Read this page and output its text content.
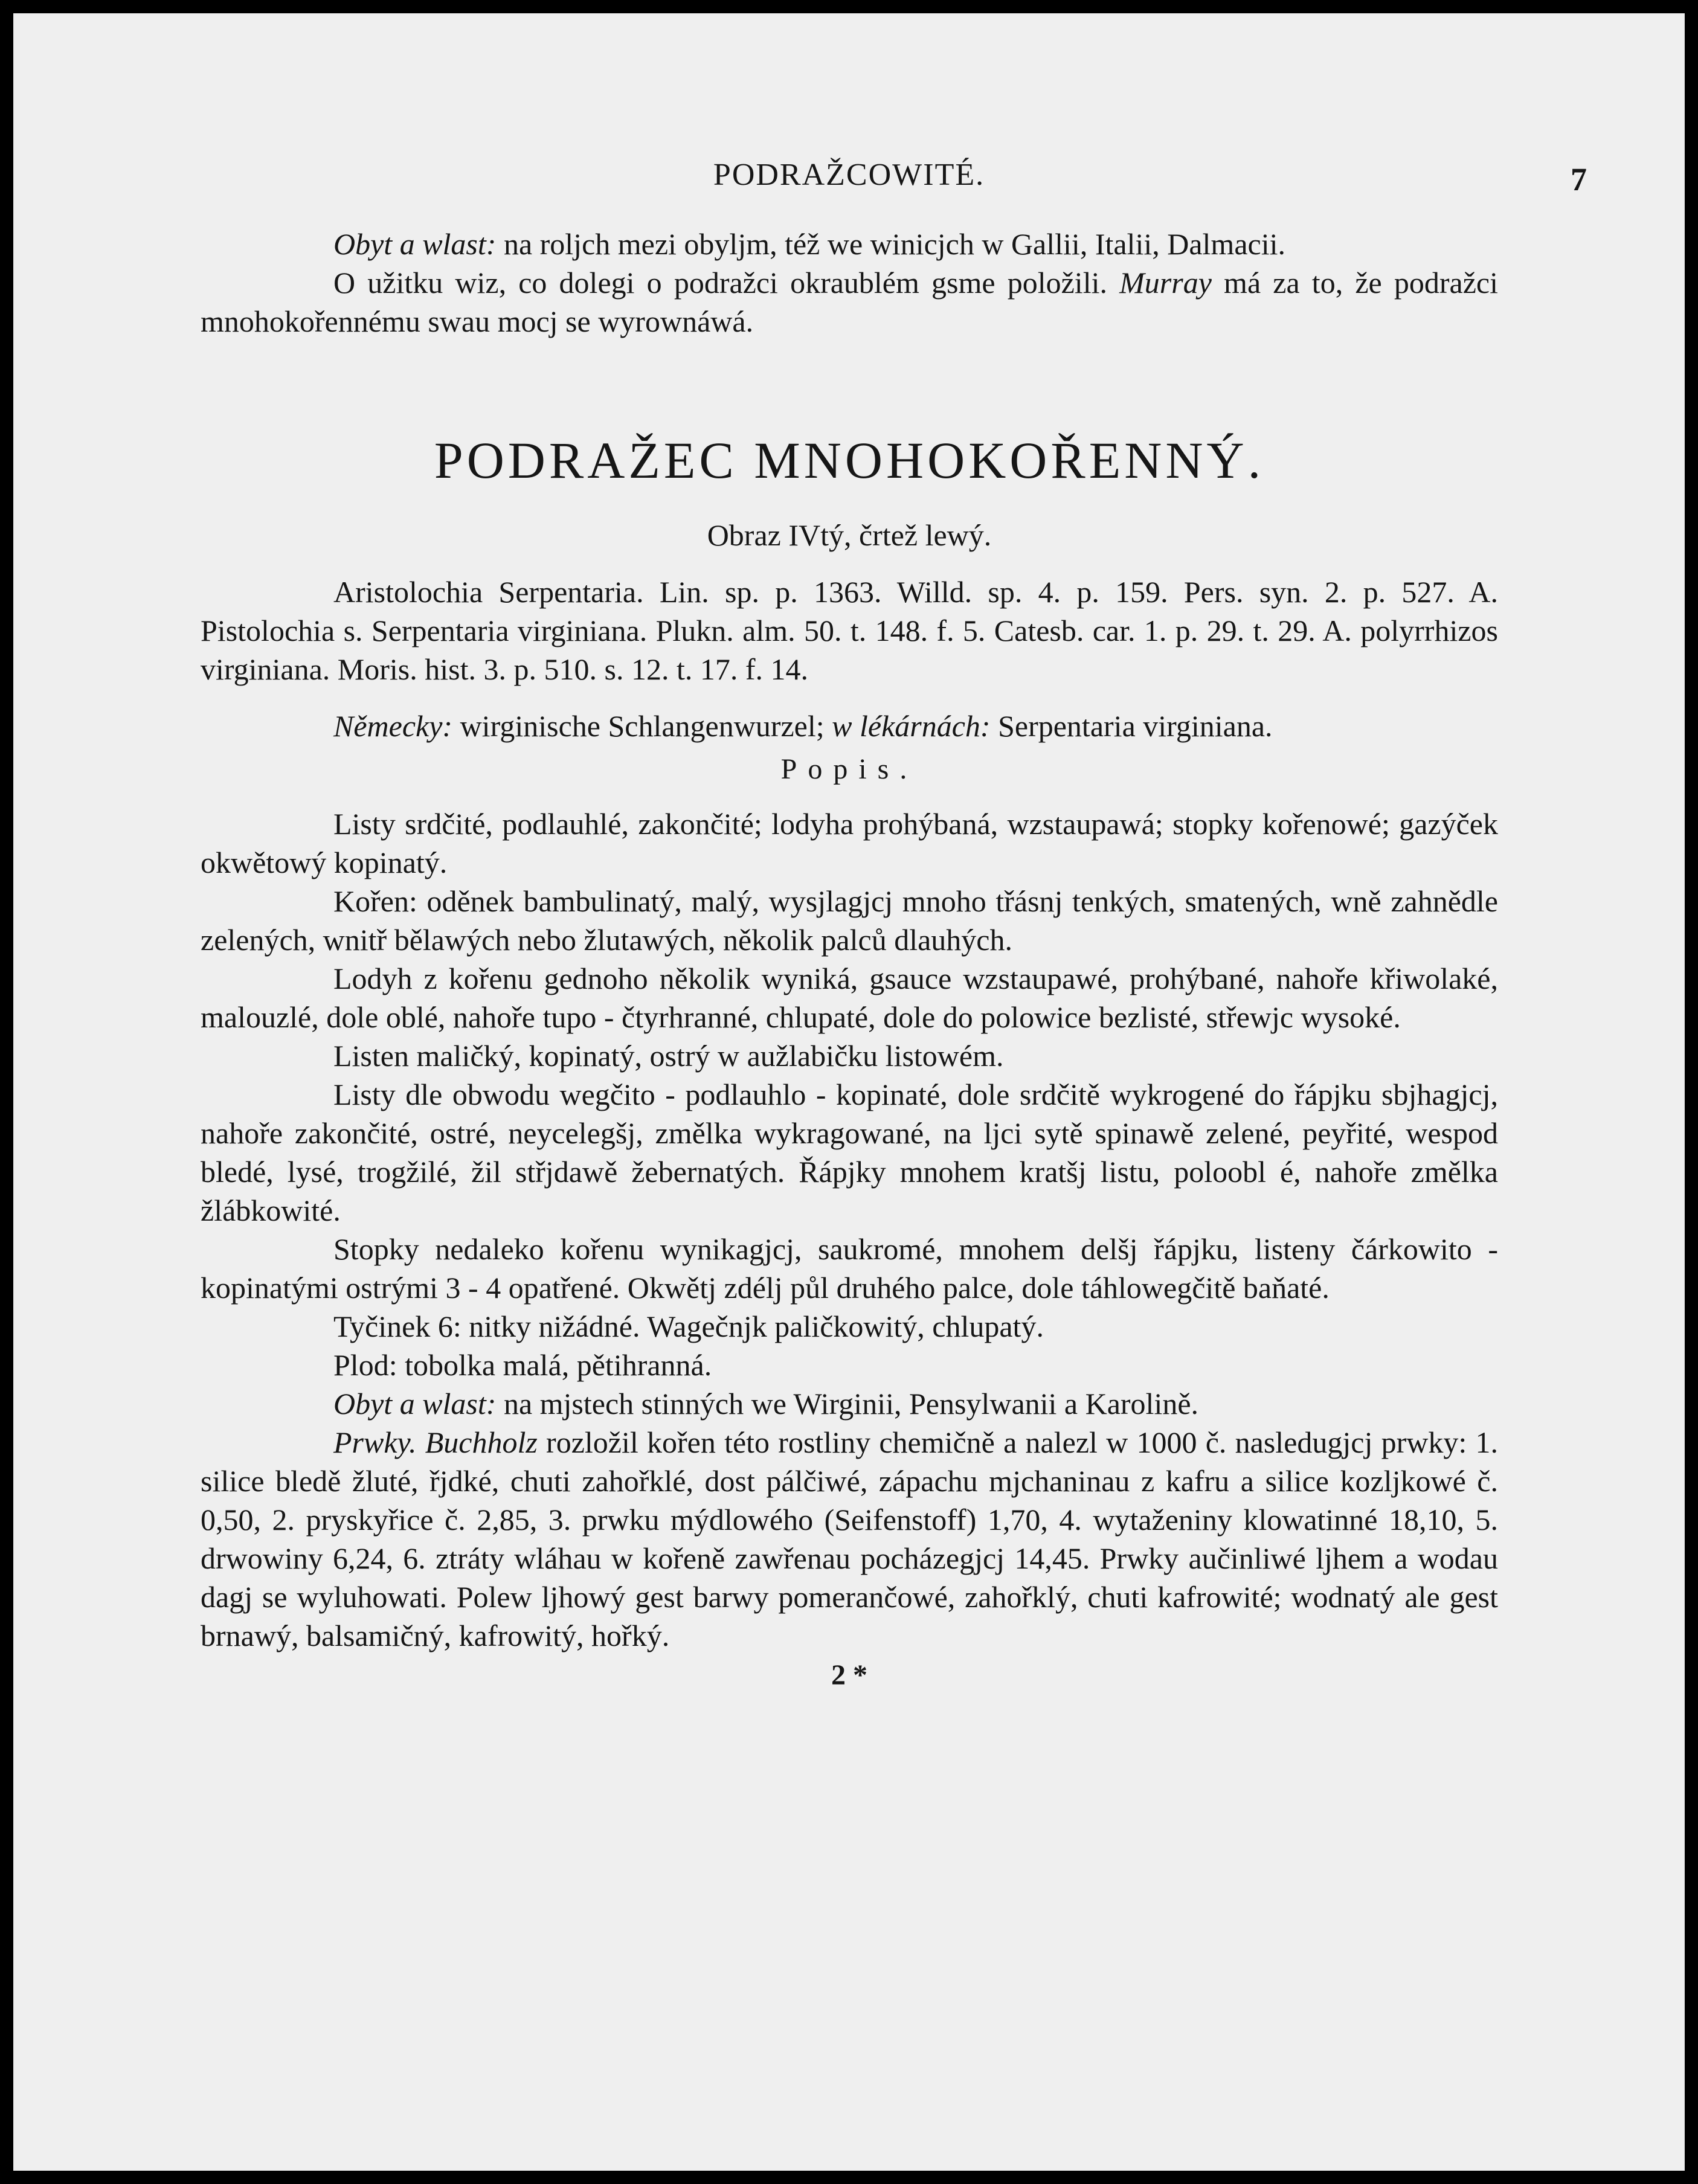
PODRAŽCOWITÉ.	7

Obyt a wlast: na roljch mezi obyljm, též we winicjch w Gallii, Italii, Dalmacii.

O užitku wiz, co dolegi o podražci okraublém gsme položili. Murray má za to, že podražci mnohokořennému swau mocj se wyrownáwá.

PODRAŽEC MNOHOKOŘENNÝ.

Obraz IVtý, črtež lewý.

Aristolochia Serpentaria. Lin. sp. p. 1363. Willd. sp. 4. p. 159. Pers. syn. 2. p. 527. A. Pistolochia s. Serpentaria virginiana. Plukn. alm. 50. t. 148. f. 5. Catesb. car. 1. p. 29. t. 29. A. polyrrhizos virginiana. Moris. hist. 3. p. 510. s. 12. t. 17. f. 14.

Německy: wirginische Schlangenwurzel; w lékárnách: Serpentaria virginiana.

Popis.

Listy srdčité, podlauhlé, zakončité; lodyha prohýbaná, wzstaupawá; stopky kořenowé; gazýček okwětowý kopinatý.

Kořen: oděnek bambulinatý, malý, wysjlagjcj mnoho třásnj tenkých, smatených, wně zahnědle zelených, wnitř bělawých nebo žlutawých, několik palců dlauhých.

Lodyh z kořenu gednoho několik wyniká, gsauce wzstaupawé, prohýbané, nahoře křiwolaké, malouzlé, dole oblé, nahoře tupo - čtyrhranné, chlupaté, dole do polowice bezlisté, střewjc wysoké.

Listen maličký, kopinatý, ostrý w aužlabičku listowém.

Listy dle obwodu wegčito - podlauhlo - kopinaté, dole srdčitě wykrogené do řápjku sbjhagjcj, nahoře zakončité, ostré, neycelegšj, změlka wykragowané, na ljci sytě spinawě zelené, peyřité, wespod bledé, lysé, trogžilé, žil střjdawě žebernatých. Řápjky mnohem kratšj listu, poloobl é, nahoře změlka žlábkowité.

Stopky nedaleko kořenu wynikagjcj, saukromé, mnohem delšj řápjku, listeny čárkowito - kopinatými ostrými 3 - 4 opatřené. Okwětj zdélj půl druhého palce, dole táhlowegčitě baňaté.

Tyčinek 6: nitky nižádné. Wagečnjk paličkowitý, chlupatý.

Plod: tobolka malá, pětihranná.

Obyt a wlast: na mjstech stinných we Wirginii, Pensylwanii a Karolině.

Prwky. Buchholz rozložil kořen této rostliny chemičně a nalezl w 1000 č. nasledugjcj prwky: 1. silice bledě žluté, řjdké, chuti zahořklé, dost pálčiwé, zápachu mjchaninau z kafru a silice kozljkowé č. 0,50, 2. pryskyřice č. 2,85, 3. prwku mýdlowého (Seifenstoff) 1,70, 4. wytaženiny klowatinné 18,10, 5. drwowiny 6,24, 6. ztráty wláhau w kořeně zawřenau pocházegjcj 14,45. Prwky aučinliwé ljhem a wodau dagj se wyluhowati. Polew ljhowý gest barwy pomerančowé, zahořklý, chuti kafrowité; wodnatý ale gest brnawý, balsamičný, kafrowitý, hořký.

2 *
